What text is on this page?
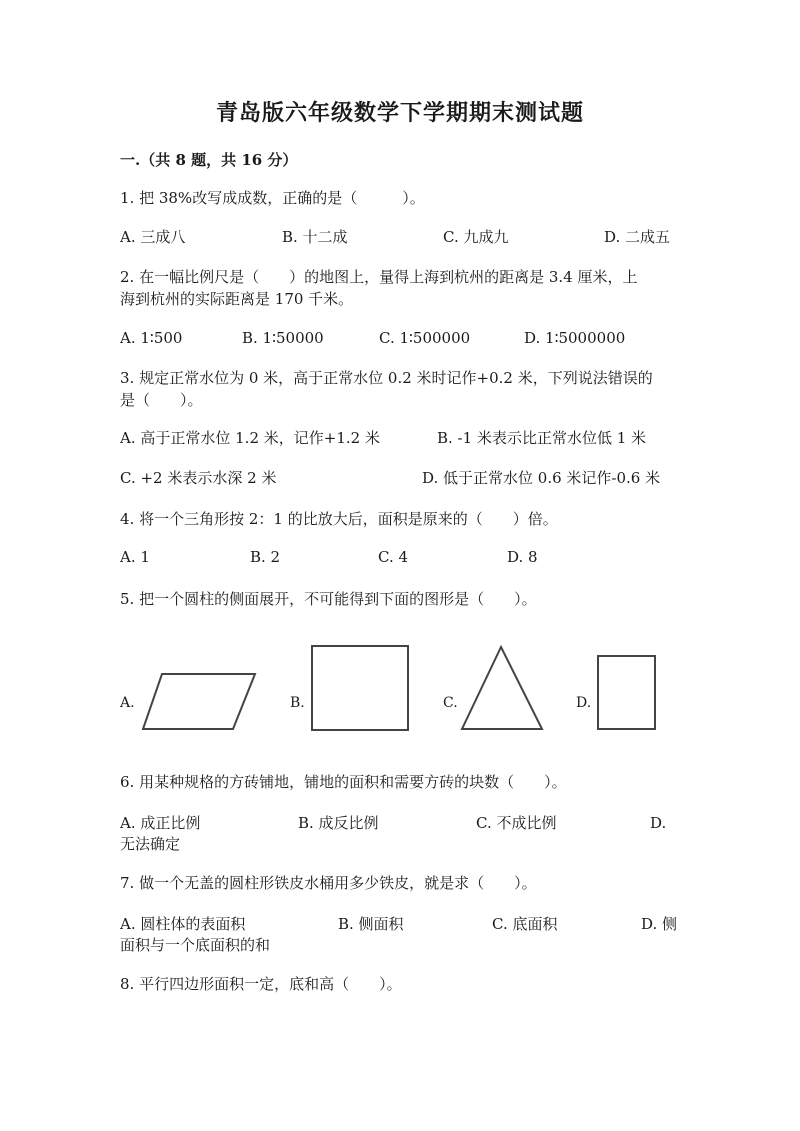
青岛版六年级数学下学期期末测试题
一.（共 8 题，共 16 分）
1. 把 38%改写成成数，正确的是（　　　）。
A. 三成八	B. 十二成	C. 九成九	D. 二成五
2. 在一幅比例尺是（　　）的地图上，量得上海到杭州的距离是 3.4 厘米，上
海到杭州的实际距离是 170 千米。
A. 1∶500	B. 1∶50000	C. 1∶500000	D. 1∶5000000
3. 规定正常水位为 0 米，高于正常水位 0.2 米时记作+0.2 米，下列说法错误的
是（　　）。
A. 高于正常水位 1.2 米，记作+1.2 米	B. -1 米表示比正常水位低 1 米
C. +2 米表示水深 2 米	D. 低于正常水位 0.6 米记作-0.6 米
4. 将一个三角形按 2：1 的比放大后，面积是原来的（　　）倍。
A. 1	B. 2	C. 4	D. 8
5. 把一个圆柱的侧面展开，不可能得到下面的图形是（　　）。
A.	B.	C.	D.
6. 用某种规格的方砖铺地，铺地的面积和需要方砖的块数（　　）。
A. 成正比例	B. 成反比例	C. 不成比例	D.
无法确定
7. 做一个无盖的圆柱形铁皮水桶用多少铁皮，就是求（　　）。
A. 圆柱体的表面积	B. 侧面积	C. 底面积	D. 侧
面积与一个底面积的和
8. 平行四边形面积一定，底和高（　　）。
